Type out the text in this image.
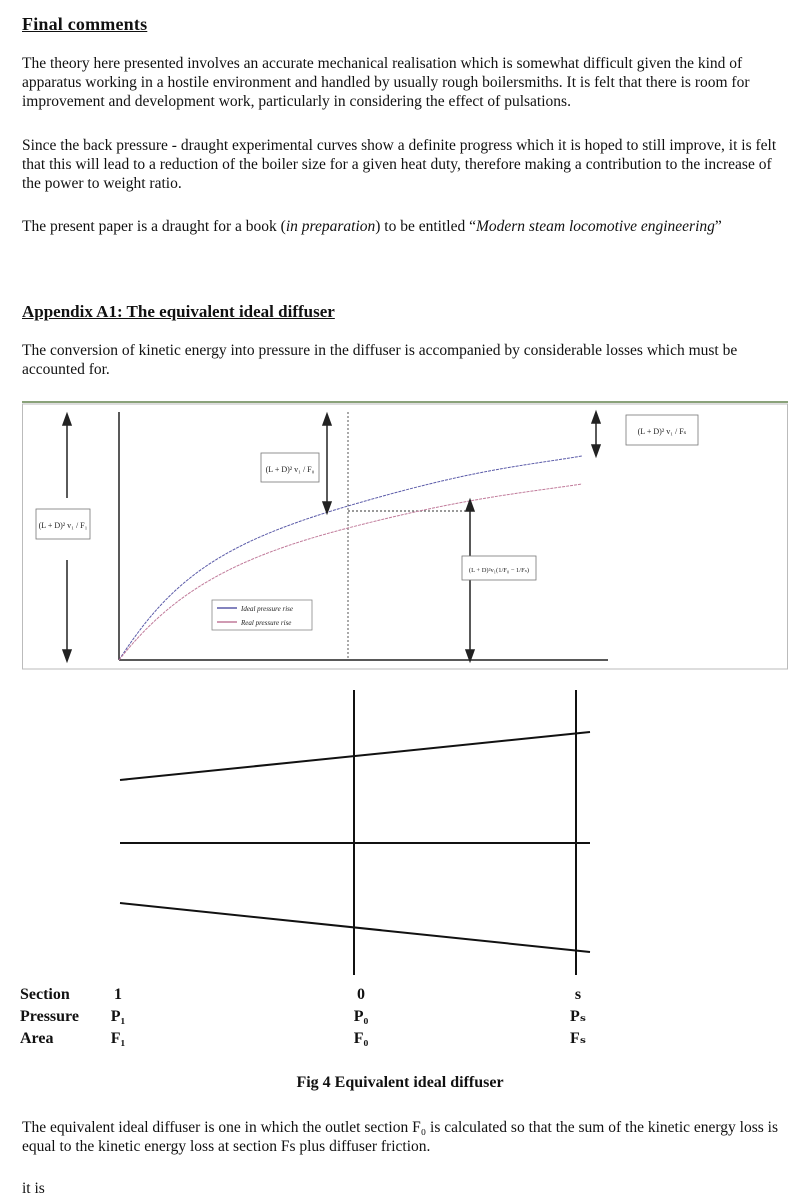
Final comments
The theory here presented involves an accurate mechanical realisation which is somewhat difficult given the kind of apparatus working in a hostile environment and handled by usually rough boilersmiths. It is felt that there is room for improvement and development work, particularly in considering the effect of pulsations.
Since the back pressure - draught experimental curves show a definite progress which it is hoped to still improve, it is felt that this will lead to a reduction of the boiler size for a given heat duty, therefore making a contribution to the increase of the power to weight ratio.
The present paper is a draught for a book (in preparation) to be entitled “Modern steam locomotive engineering”
Appendix A1: The equivalent ideal diffuser
The conversion of kinetic energy into pressure in the diffuser is accompanied by considerable losses which must be accounted for.
(L + D)² v₁ / F₁
(L + D)² v₁ / F₀
(L + D)² v₁ / Fₛ
(L + D)²v₁(1/F₀ − 1/Fₛ)
Ideal pressure rise
Real pressure rise
Section
Pressure
Area
1
P₁
F₁
0
P₀
F₀
s
Pₛ
Fₛ
Fig 4 Equivalent ideal diffuser
The equivalent ideal diffuser is one in which the outlet section F₀ is calculated so that the sum of the kinetic energy loss is equal to the kinetic energy loss at section Fs plus diffuser friction.
it is
